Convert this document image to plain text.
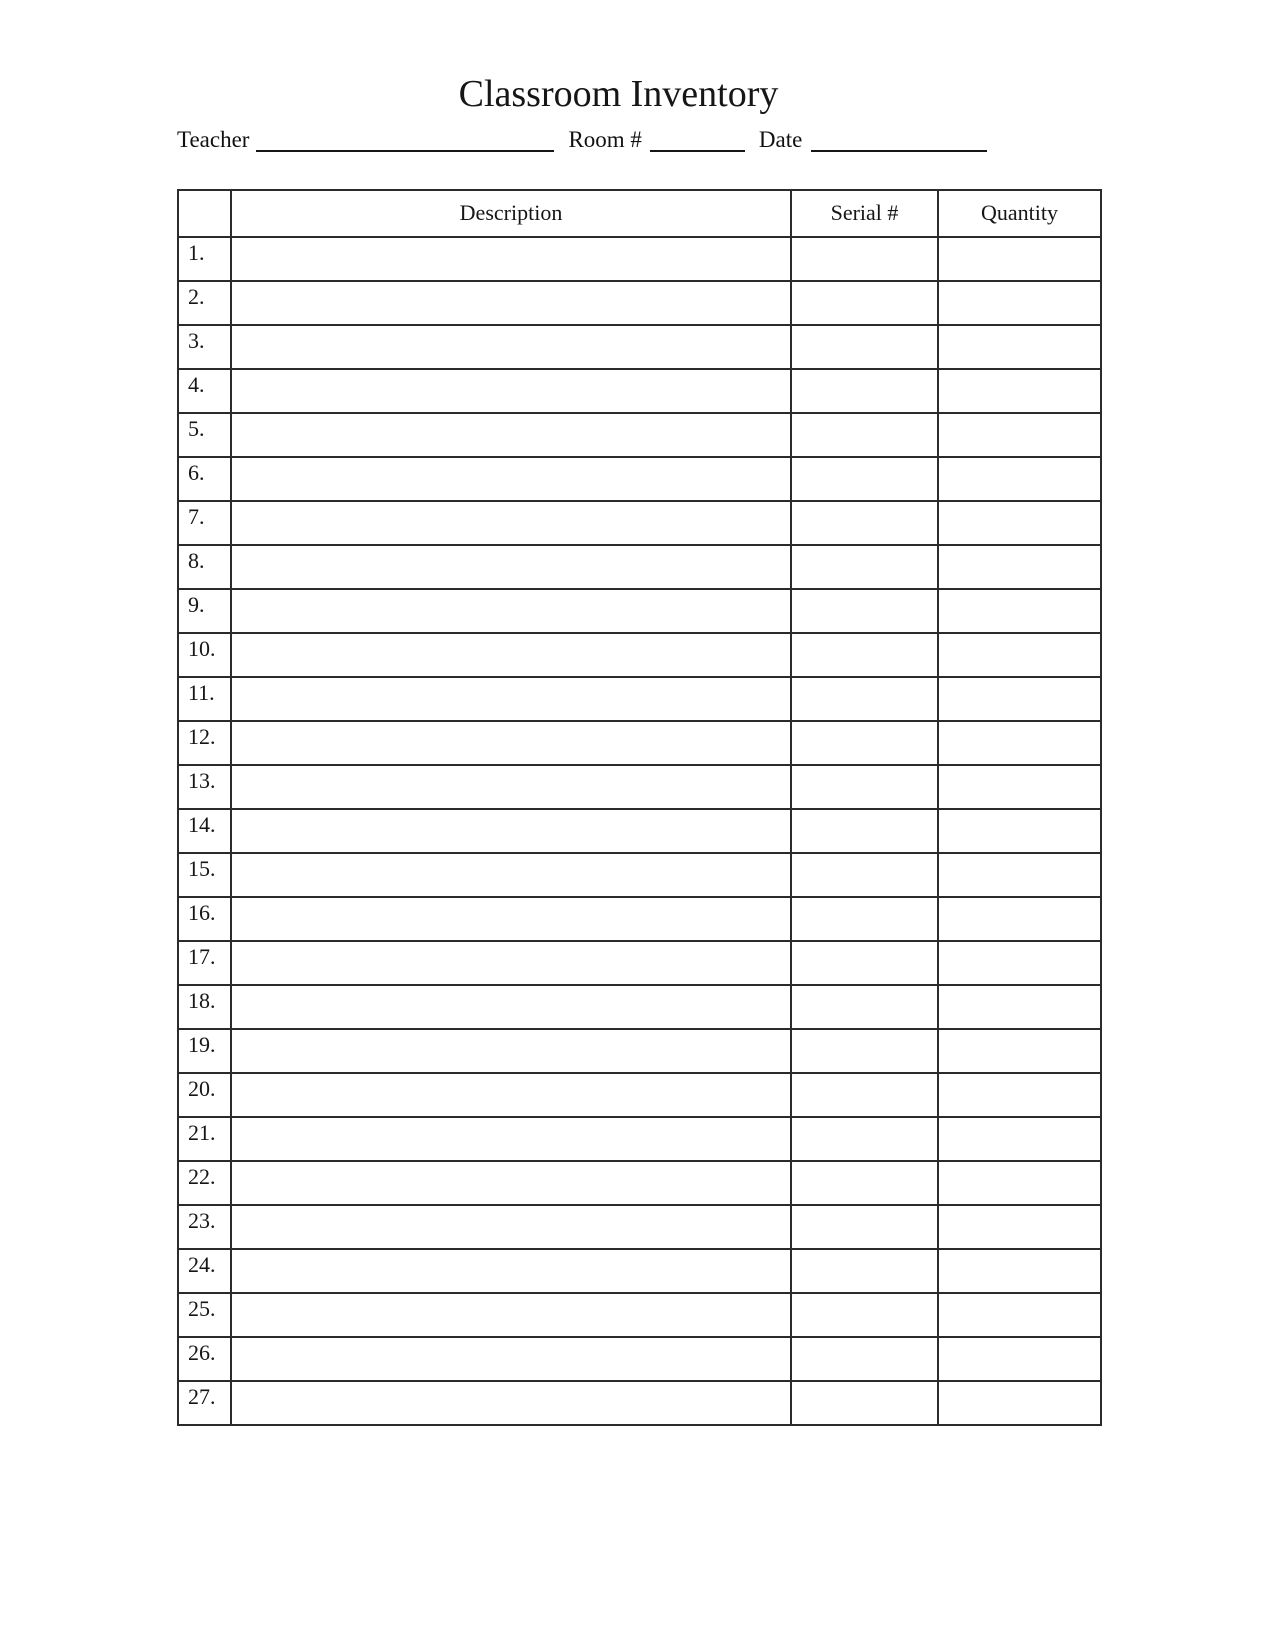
Classroom Inventory
Teacher	Room #	Date
	Description	Serial #	Quantity
1.			
2.			
3.			
4.			
5.			
6.			
7.			
8.			
9.			
10.			
11.			
12.			
13.			
14.			
15.			
16.			
17.			
18.			
19.			
20.			
21.			
22.			
23.			
24.			
25.			
26.			
27.			
